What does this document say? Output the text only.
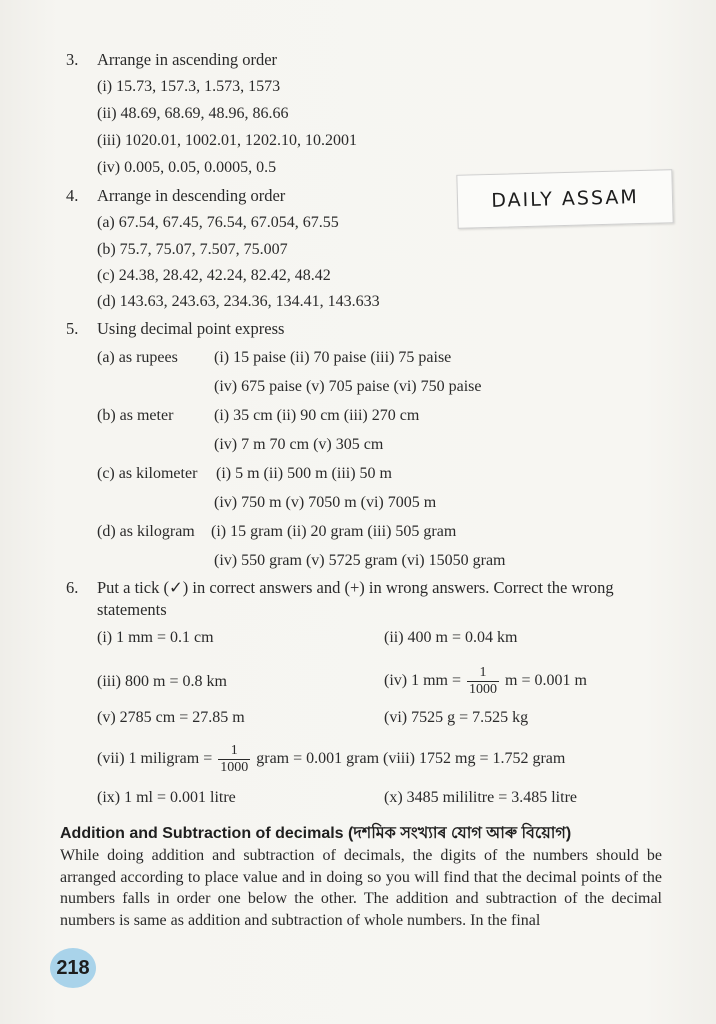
3. Arrange in ascending order
(i) 15.73, 157.3, 1.573, 1573
(ii) 48.69, 68.69, 48.96, 86.66
(iii) 1020.01, 1002.01, 1202.10, 10.2001
(iv) 0.005, 0.05, 0.0005, 0.5
DAILY ASSAM
4. Arrange in descending order
(a) 67.54, 67.45, 76.54, 67.054, 67.55
(b) 75.7, 75.07, 7.507, 75.007
(c) 24.38, 28.42, 42.24, 82.42, 48.42
(d) 143.63, 243.63, 234.36, 134.41, 143.633
5. Using decimal point express
(a) as rupees (i) 15 paise (ii) 70 paise (iii) 75 paise
(iv) 675 paise (v) 705 paise (vi) 750 paise
(b) as meter	(i) 35 cm (ii) 90 cm (iii) 270 cm
(iv) 7 m 70 cm (v) 305 cm
(c) as kilometer (i) 5 m (ii) 500 m (iii) 50 m
(iv) 750 m (v) 7050 m (vi) 7005 m
(d) as kilogram (i) 15 gram (ii) 20 gram (iii) 505 gram
(iv) 550 gram (v) 5725 gram (vi) 15050 gram
6. Put a tick (✓) in correct answers and (+) in wrong answers. Correct the wrong
statements
(i) 1 mm = 0.1 cm	(ii) 400 m = 0.04 km
(iii) 800 m = 0.8 km	(iv) 1 mm = $\frac{1}{1000}$ m = 0.001 m
(v) 2785 cm = 27.85 m	(vi) 7525 g = 7.525 kg
(vii) 1 miligram = $\frac{1}{1000}$ gram = 0.001 gram (viii) 1752 mg = 1.752 gram
(ix) 1 ml = 0.001 litre	(x) 3485 mililitre = 3.485 litre
Addition and Subtraction of decimals (দশমিক সংখ্যাৰ যোগ আৰু বিয়োগ)
While doing addition and subtraction of decimals, the digits of the numbers should be arranged according to place value and in doing so you will find that the decimal points of the numbers falls in order one below the other. The addition and subtraction of the decimal numbers is same as addition and subtraction of whole numbers. In the final
218
